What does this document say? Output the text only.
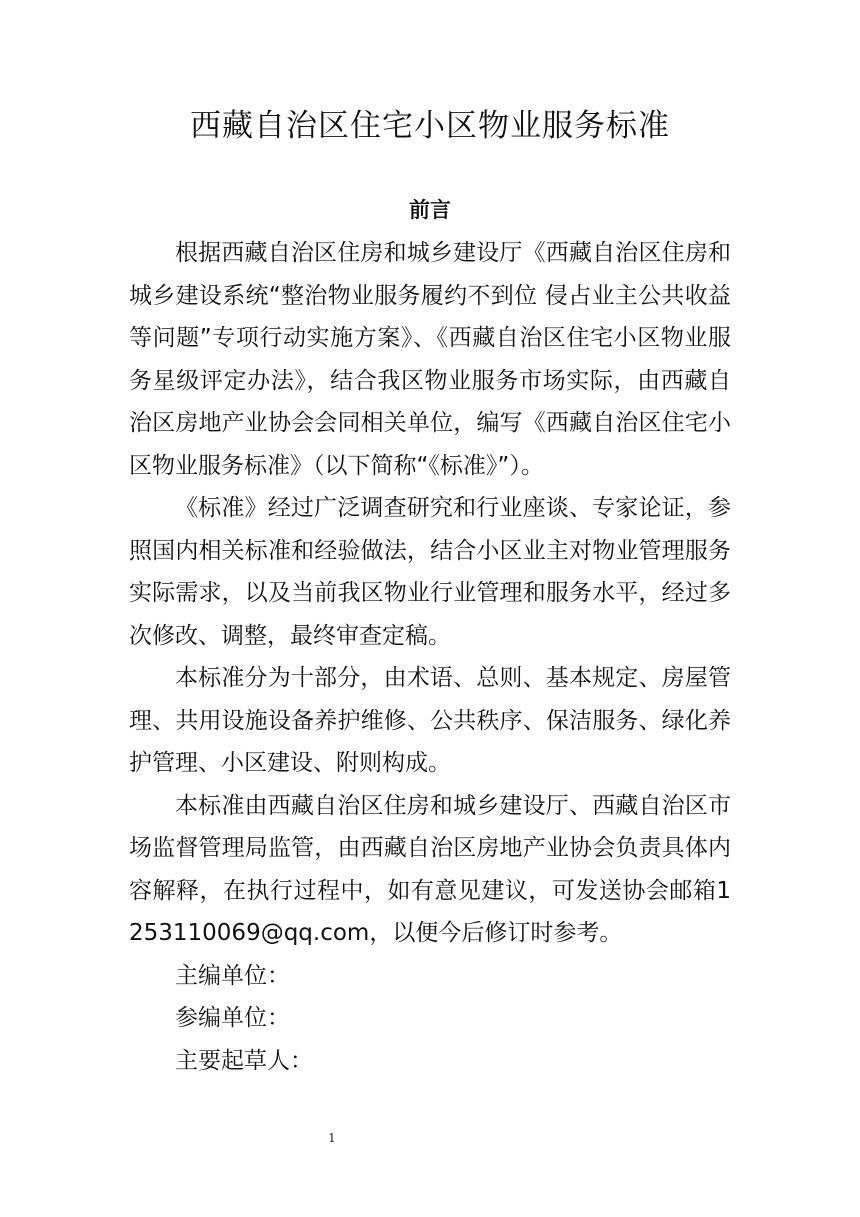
西藏自治区住宅小区物业服务标准
前言

根据西藏自治区住房和城乡建设厅《西藏自治区住房和城乡建设系统“整治物业服务履约不到位 侵占业主公共收益等问题”专项行动实施方案》、《西藏自治区住宅小区物业服务星级评定办法》，结合我区物业服务市场实际，由西藏自治区房地产业协会会同相关单位，编写《西藏自治区住宅小区物业服务标准》（以下简称“《标准》”）。

《标准》经过广泛调查研究和行业座谈、专家论证，参照国内相关标准和经验做法，结合小区业主对物业管理服务实际需求，以及当前我区物业行业管理和服务水平，经过多次修改、调整，最终审查定稿。

本标准分为十部分，由术语、总则、基本规定、房屋管理、共用设施设备养护维修、公共秩序、保洁服务、绿化养护管理、小区建设、附则构成。

本标准由西藏自治区住房和城乡建设厅、西藏自治区市场监督管理局监管，由西藏自治区房地产业协会负责具体内容解释，在执行过程中，如有意见建议，可发送协会邮箱1253110069@qq.com，以便今后修订时参考。

主编单位：

参编单位：

主要起草人：

1
